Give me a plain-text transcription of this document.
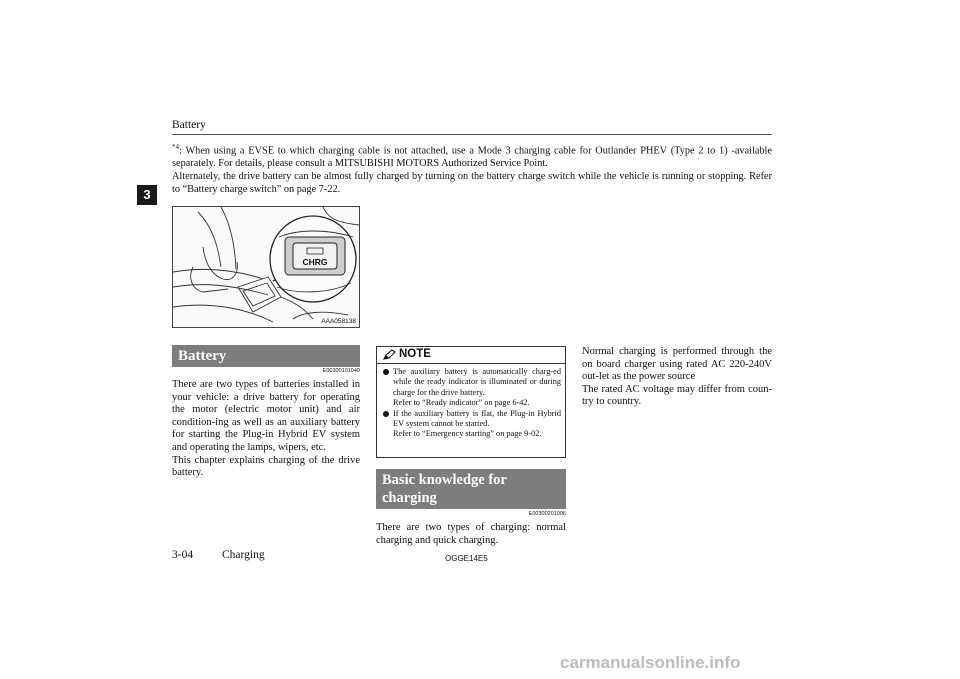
Battery
3

$^{*4}$: When using a EVSE to which charging cable is not attached, use a Mode 3 charging cable for Outlander PHEV (Type 2 to 1) -available separately. For details, please consult a MITSUBISHI MOTORS Authorized Service Point.

Alternately, the drive battery can be almost fully charged by turning on the battery charge switch while the vehicle is running or stopping. Refer to “Battery charge switch” on page 7-22.

CHRG
AAA058138
Battery
E00300101040

There are two types of batteries installed in your vehicle: a drive battery for operating the motor (electric motor unit) and air condition-ing as well as an auxiliary battery for starting the Plug-in Hybrid EV system and operating the lamps, wipers, etc.

This chapter explains charging of the drive battery.

NOTE
The auxiliary battery is automatically charg-ed while the ready indicator is illuminated or during charge for the drive battery.
Refer to “Ready indicator” on page 6-42.
If the auxiliary battery is flat, the Plug-in Hybrid EV system cannot be started.
Refer to “Emergency starting” on page 9-02.
Basic knowledge for
charging
E00300201096

There are two types of charging: normal charging and quick charging.

Normal charging is performed through the on board charger using rated AC 220-240V out-let as the power source

The rated AC voltage may differ from coun-try to country.

3-04	Charging	OGGE14E5
carmanualsonline.info
